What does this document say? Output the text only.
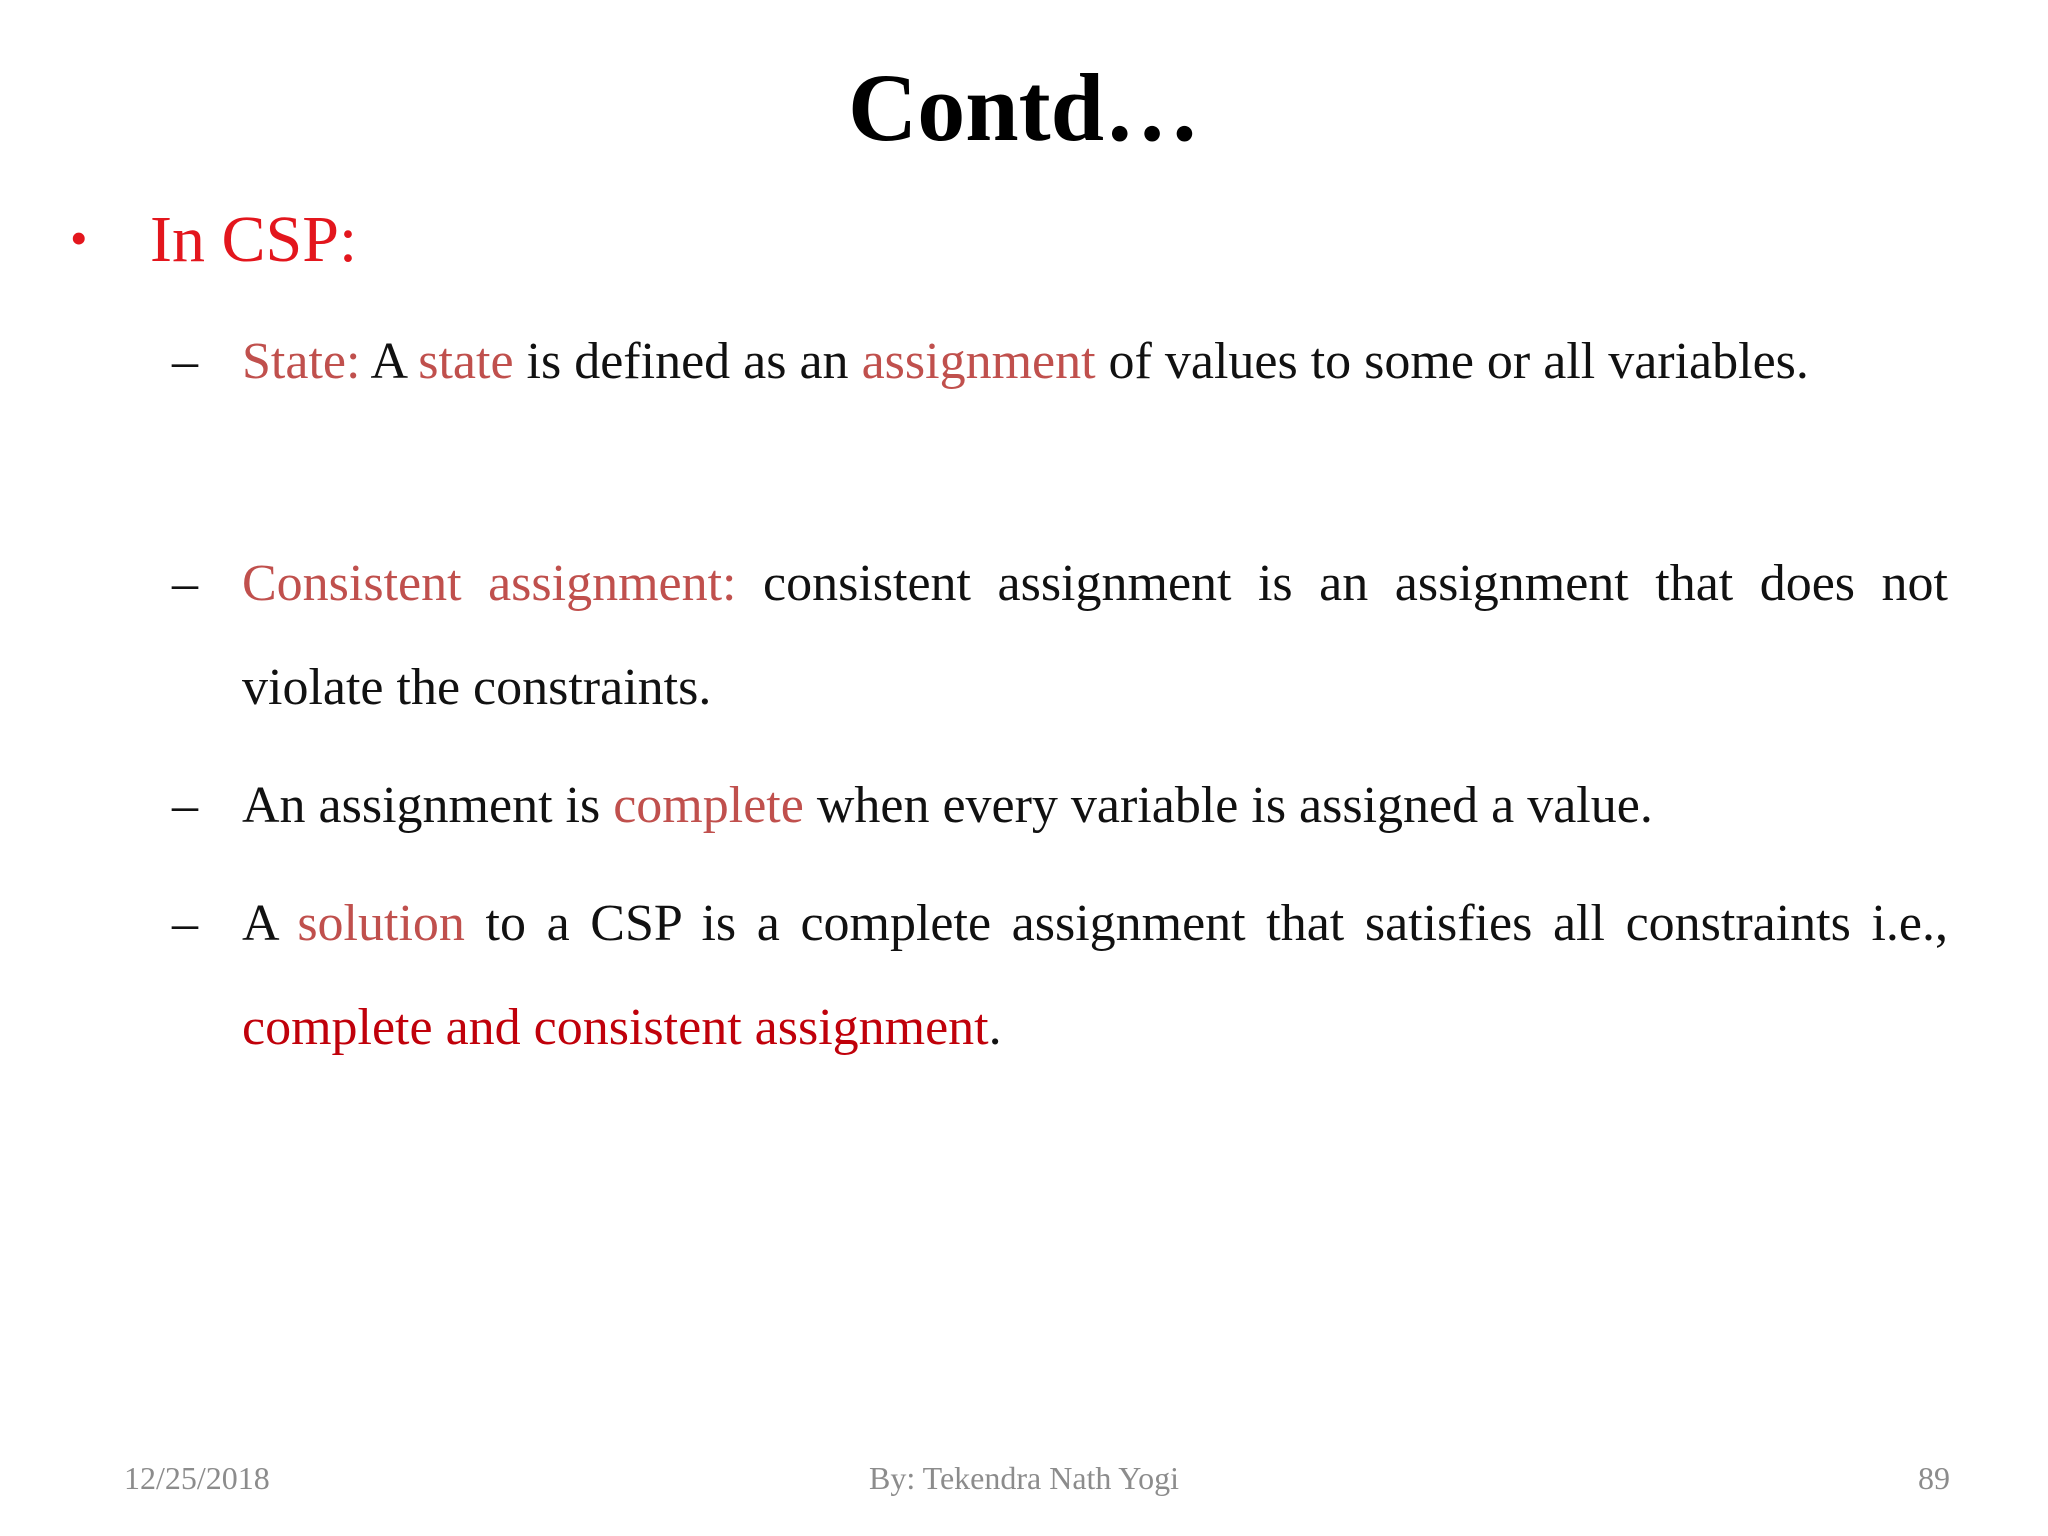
Contd…
• In CSP:
– State: A state is defined as an assignment of values to some or all variables.
– Consistent assignment: consistent assignment is an assignment that does not violate the constraints.
– An assignment is complete when every variable is assigned a value.
– A solution to a CSP is a complete assignment that satisfies all constraints i.e., complete and consistent assignment.
By: Tekendra Nath Yogi
12/25/2018	89
